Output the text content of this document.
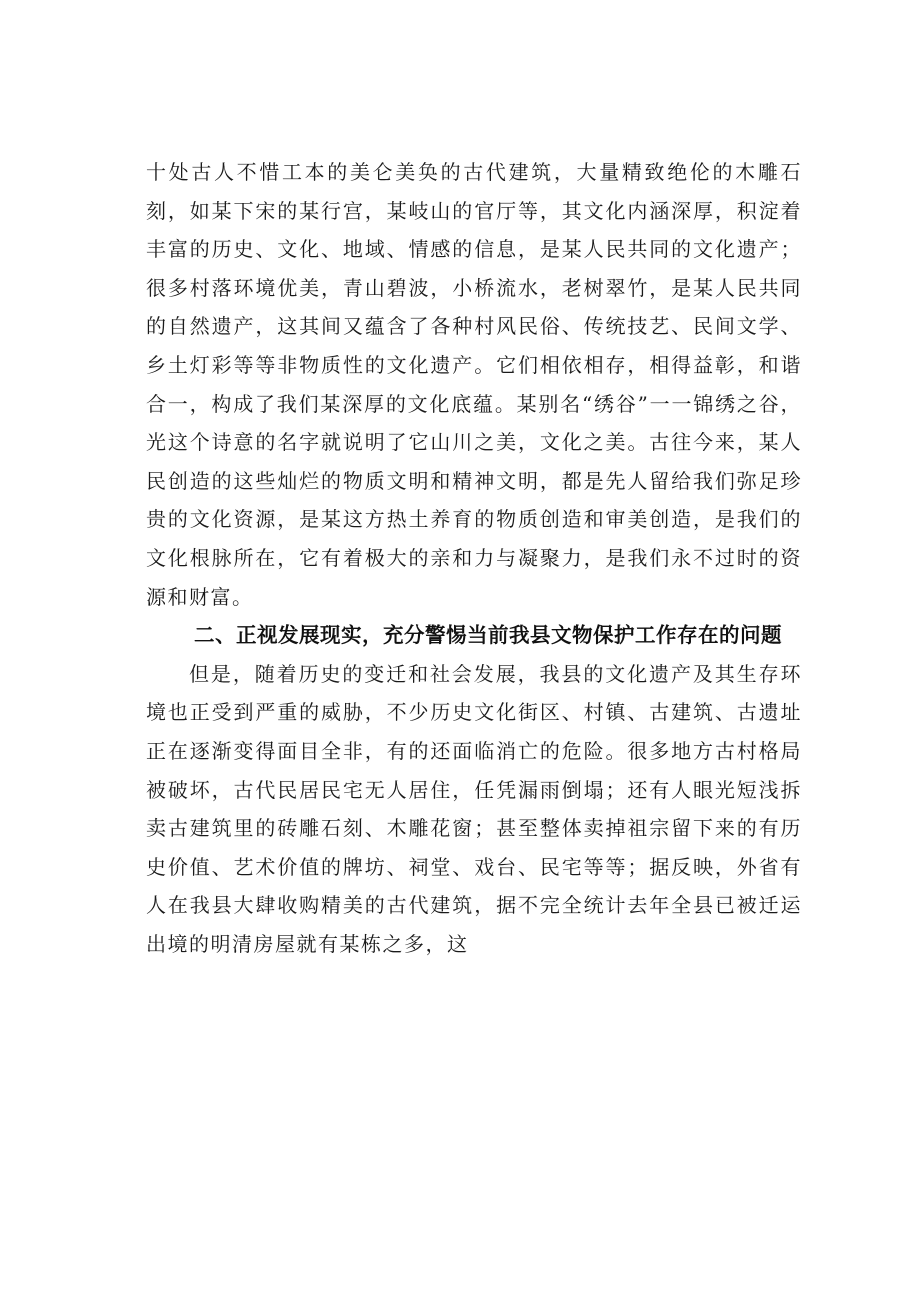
十处古人不惜工本的美仑美奂的古代建筑，大量精致绝伦的木雕石刻，如某下宋的某行宫，某岐山的官厅等，其文化内涵深厚，积淀着丰富的历史、文化、地域、情感的信息，是某人民共同的文化遗产；很多村落环境优美，青山碧波，小桥流水，老树翠竹，是某人民共同的自然遗产，这其间又蕴含了各种村风民俗、传统技艺、民间文学、乡土灯彩等等非物质性的文化遗产。它们相依相存，相得益彰，和谐合一，构成了我们某深厚的文化底蕴。某别名“绣谷”一一锦绣之谷，光这个诗意的名字就说明了它山川之美，文化之美。古往今来，某人民创造的这些灿烂的物质文明和精神文明，都是先人留给我们弥足珍贵的文化资源，是某这方热土养育的物质创造和审美创造，是我们的文化根脉所在，它有着极大的亲和力与凝聚力，是我们永不过时的资源和财富。

二、正视发展现实，充分警惕当前我县文物保护工作存在的问题

但是，随着历史的变迁和社会发展，我县的文化遗产及其生存环境也正受到严重的威胁，不少历史文化街区、村镇、古建筑、古遗址正在逐渐变得面目全非，有的还面临消亡的危险。很多地方古村格局被破坏，古代民居民宅无人居住，任凭漏雨倒塌；还有人眼光短浅拆卖古建筑里的砖雕石刻、木雕花窗；甚至整体卖掉祖宗留下来的有历史价值、艺术价值的牌坊、祠堂、戏台、民宅等等；据反映，外省有人在我县大肆收购精美的古代建筑，据不完全统计去年全县已被迁运出境的明清房屋就有某栋之多，这
